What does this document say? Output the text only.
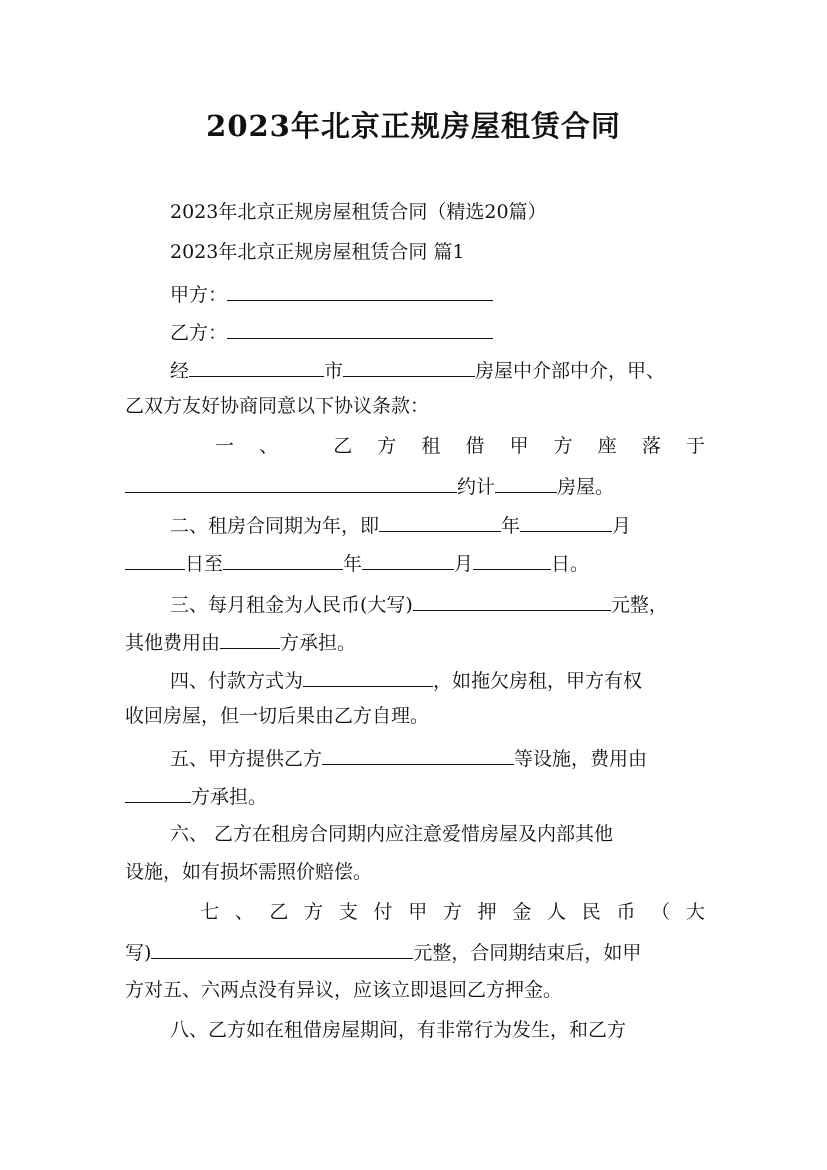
2023年北京正规房屋租赁合同
2023年北京正规房屋租赁合同（精选20篇）
2023年北京正规房屋租赁合同 篇1
甲方：
乙方：
经	市	房屋中介部中介，甲、
乙双方友好协商同意以下协议条款：
一 、	乙 方 租 借 甲 方 座 落 于
约计	房屋。
二、租房合同期为年，即	年	月
日至	年	月	日。
三、每月租金为人民币(大写)	元整，
其他费用由	方承担。
四、付款方式为	，如拖欠房租，甲方有权
收回房屋，但一切后果由乙方自理。
五、甲方提供乙方	等设施，费用由
方承担。
六、 乙方在租房合同期内应注意爱惜房屋及内部其他
设施，如有损坏需照价赔偿。
七 、 乙 方 支 付 甲 方 押 金 人 民 币 （ 大
写)	元整，合同期结束后，如甲
方对五、六两点没有异议，应该立即退回乙方押金。
八、乙方如在租借房屋期间，有非常行为发生，和乙方
